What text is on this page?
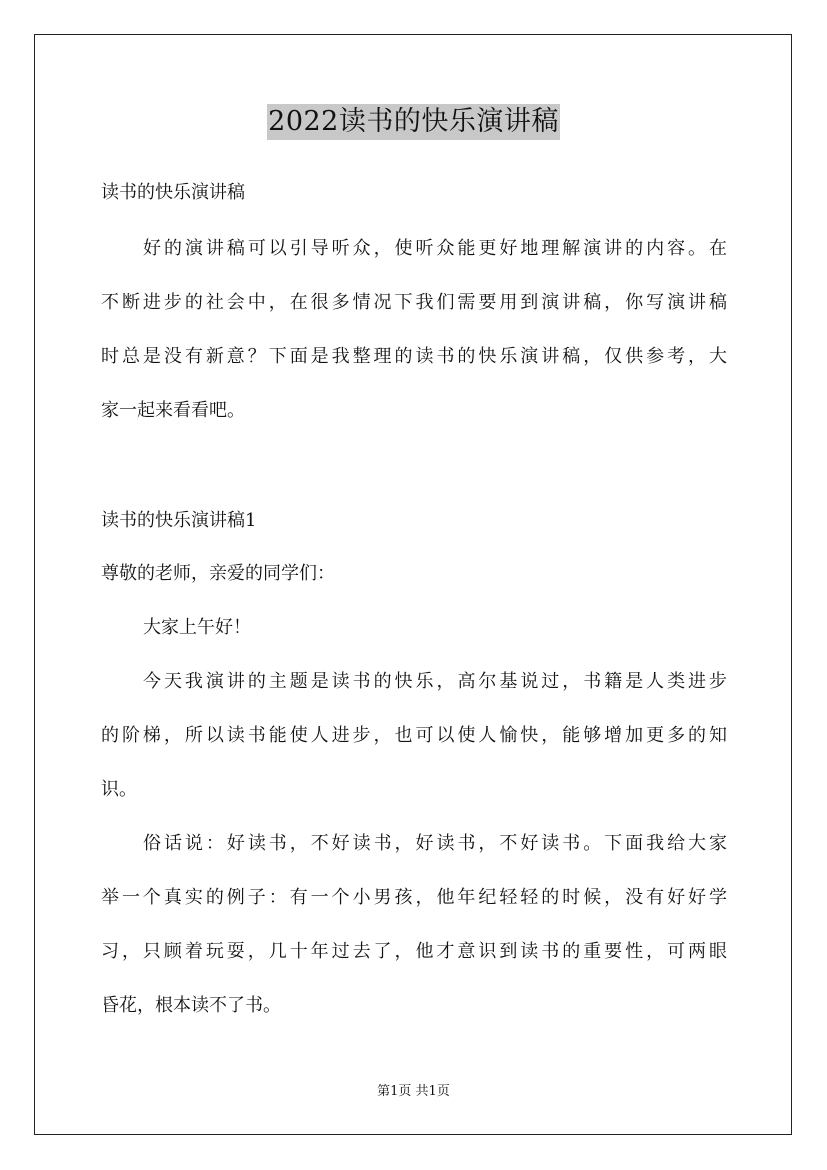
2022读书的快乐演讲稿
读书的快乐演讲稿
好的演讲稿可以引导听众，使听众能更好地理解演讲的内容。在
不断进步的社会中，在很多情况下我们需要用到演讲稿，你写演讲稿
时总是没有新意？下面是我整理的读书的快乐演讲稿，仅供参考，大
家一起来看看吧。
读书的快乐演讲稿1
尊敬的老师，亲爱的同学们：
大家上午好！
今天我演讲的主题是读书的快乐，高尔基说过，书籍是人类进步
的阶梯，所以读书能使人进步，也可以使人愉快，能够增加更多的知
识。
俗话说：好读书，不好读书，好读书，不好读书。下面我给大家
举一个真实的例子：有一个小男孩，他年纪轻轻的时候，没有好好学
习，只顾着玩耍，几十年过去了，他才意识到读书的重要性，可两眼
昏花，根本读不了书。
第1页 共1页
